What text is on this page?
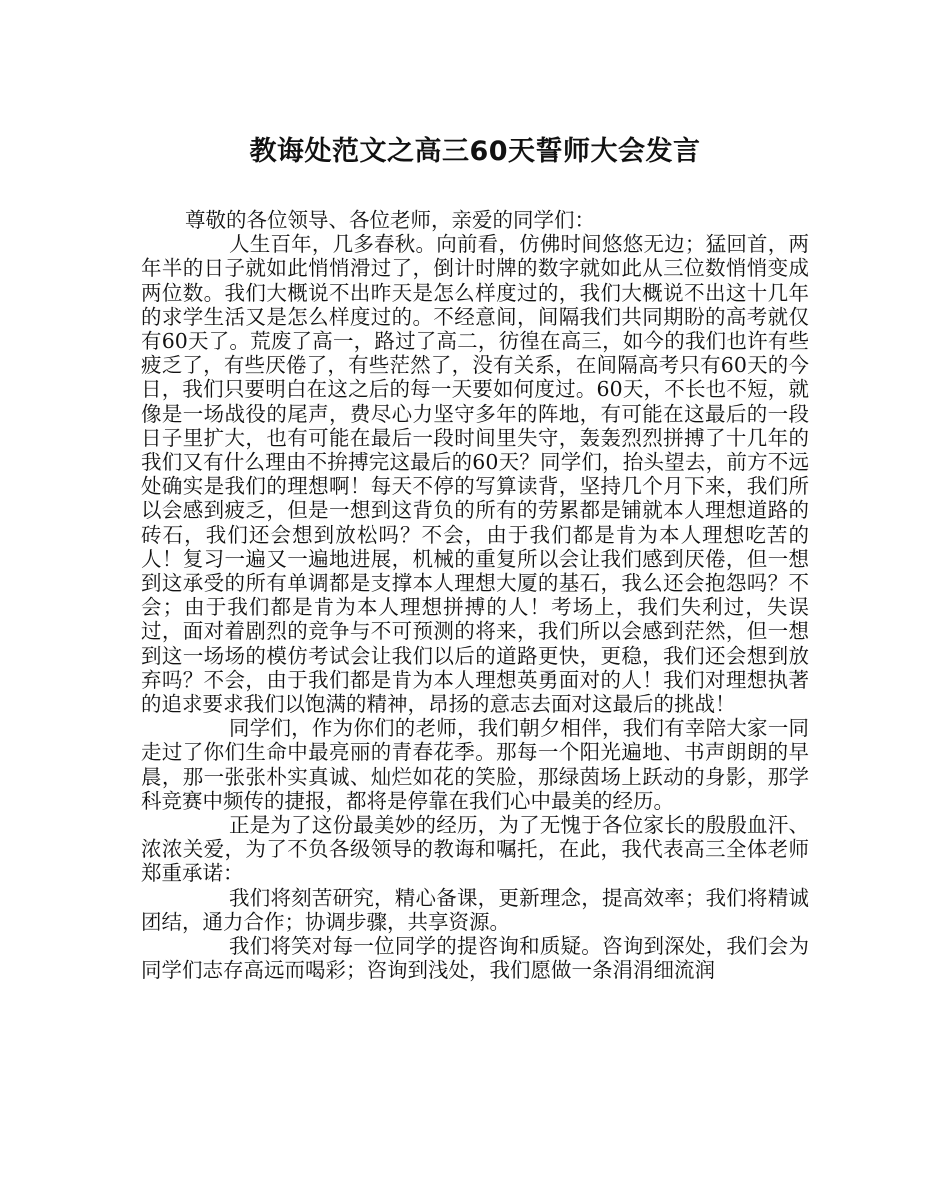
教诲处范文之高三60天誓师大会发言

尊敬的各位领导、各位老师，亲爱的同学们：

人生百年，几多春秋。向前看，仿佛时间悠悠无边；猛回首，两年半的日子就如此悄悄滑过了，倒计时牌的数字就如此从三位数悄悄变成两位数。我们大概说不出昨天是怎么样度过的，我们大概说不出这十几年的求学生活又是怎么样度过的。不经意间，间隔我们共同期盼的高考就仅有60天了。荒废了高一，路过了高二，彷徨在高三，如今的我们也许有些疲乏了，有些厌倦了，有些茫然了，没有关系，在间隔高考只有60天的今日，我们只要明白在这之后的每一天要如何度过。60天，不长也不短，就像是一场战役的尾声，费尽心力坚守多年的阵地，有可能在这最后的一段日子里扩大，也有可能在最后一段时间里失守，轰轰烈烈拼搏了十几年的我们又有什么理由不拚搏完这最后的60天？同学们，抬头望去，前方不远处确实是我们的理想啊！每天不停的写算读背，坚持几个月下来，我们所以会感到疲乏，但是一想到这背负的所有的劳累都是铺就本人理想道路的砖石，我们还会想到放松吗？不会，由于我们都是肯为本人理想吃苦的人！复习一遍又一遍地进展，机械的重复所以会让我们感到厌倦，但一想到这承受的所有单调都是支撑本人理想大厦的基石，我么还会抱怨吗？不会；由于我们都是肯为本人理想拼搏的人！考场上，我们失利过，失误过，面对着剧烈的竞争与不可预测的将来，我们所以会感到茫然，但一想到这一场场的模仿考试会让我们以后的道路更快，更稳，我们还会想到放弃吗？不会，由于我们都是肯为本人理想英勇面对的人！我们对理想执著的追求要求我们以饱满的精神，昂扬的意志去面对这最后的挑战！

同学们，作为你们的老师，我们朝夕相伴，我们有幸陪大家一同走过了你们生命中最亮丽的青春花季。那每一个阳光遍地、书声朗朗的早晨，那一张张朴实真诚、灿烂如花的笑脸，那绿茵场上跃动的身影，那学科竞赛中频传的捷报，都将是停靠在我们心中最美的经历。

正是为了这份最美妙的经历，为了无愧于各位家长的殷殷血汗、浓浓关爱，为了不负各级领导的教诲和嘱托，在此，我代表高三全体老师郑重承诺：

我们将刻苦研究，精心备课，更新理念，提高效率；我们将精诚团结，通力合作；协调步骤，共享资源。

我们将笑对每一位同学的提咨询和质疑。咨询到深处，我们会为同学们志存高远而喝彩；咨询到浅处，我们愿做一条涓涓细流润
